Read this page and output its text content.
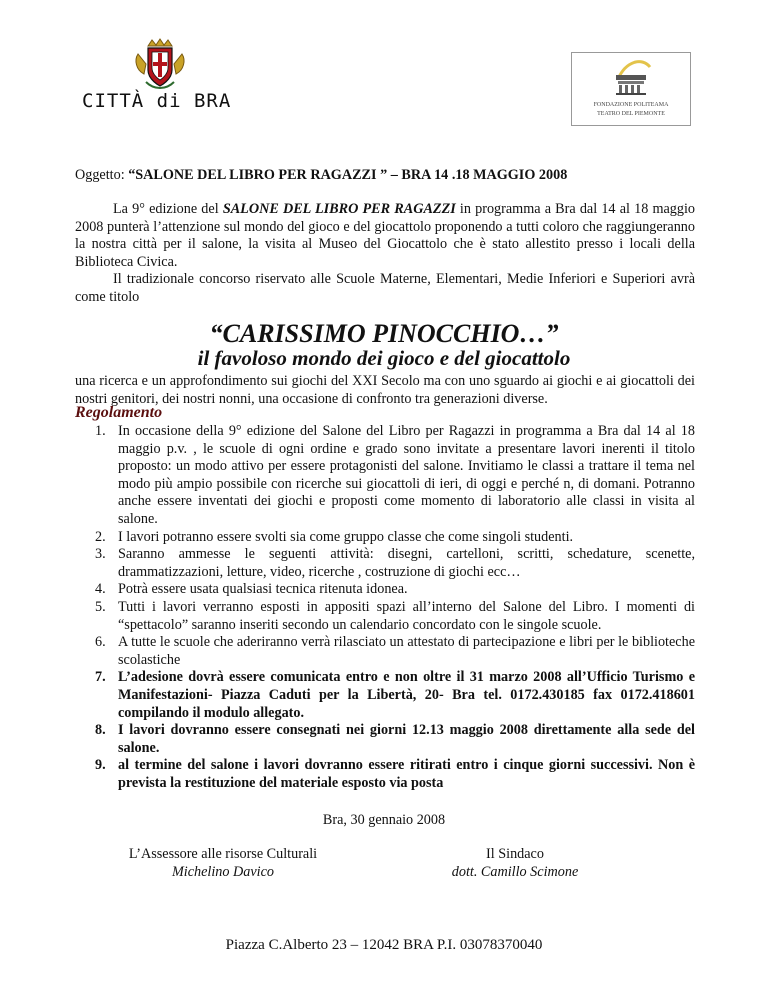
CITTÀ di BRA	FONDAZIONE POLITEAMA
TEATRO DEL PIEMONTE
Oggetto: “SALONE DEL LIBRO PER RAGAZZI ” – BRA 14 .18 MAGGIO 2008

La 9° edizione del SALONE DEL LIBRO PER RAGAZZI in programma a Bra dal 14 al 18 maggio 2008 punterà l’attenzione sul mondo del gioco e del giocattolo proponendo a tutti coloro che raggiungeranno la nostra città per il salone, la visita al Museo del Giocattolo che è stato allestito presso i locali della Biblioteca Civica.

Il tradizionale concorso riservato alle Scuole Materne, Elementari, Medie Inferiori e Superiori avrà come titolo

“CARISSIMO PINOCCHIO…”
il favoloso mondo dei gioco e del giocattolo
una ricerca e un approfondimento sui giochi del XXI Secolo ma con uno sguardo ai giochi e ai giocattoli dei nostri genitori, dei nostri nonni, una occasione di confronto tra generazioni diverse.
Regolamento
1. In occasione della 9° edizione del Salone del Libro per Ragazzi in programma a Bra dal 14 al 18 maggio p.v. , le scuole di ogni ordine e grado sono invitate a presentare lavori inerenti il titolo proposto: un modo attivo per essere protagonisti del salone. Invitiamo le classi a trattare il tema nel modo più ampio possibile con ricerche sui giocattoli di ieri, di oggi e perché n, di domani. Potranno anche essere inventati dei giochi e proposti come momento di laboratorio alle classi in visita al salone.
2. I lavori potranno essere svolti sia come gruppo classe che come singoli studenti.
3. Saranno ammesse le seguenti attività: disegni, cartelloni, scritti, schedature, scenette, drammatizzazioni, letture, video, ricerche , costruzione di giochi ecc…
4. Potrà essere usata qualsiasi tecnica ritenuta idonea.
5. Tutti i lavori verranno esposti in appositi spazi all’interno del Salone del Libro. I momenti di “spettacolo” saranno inseriti secondo un calendario concordato con le singole scuole.
6. A tutte le scuole che aderiranno verrà rilasciato un attestato di partecipazione e libri per le biblioteche scolastiche
7. L’adesione dovrà essere comunicata entro e non oltre il 31 marzo 2008 all’Ufficio Turismo e Manifestazioni- Piazza Caduti per la Libertà, 20- Bra tel. 0172.430185 fax 0172.418601 compilando il modulo allegato.
8. I lavori dovranno essere consegnati nei giorni 12.13 maggio 2008 direttamente alla sede del salone.
9. al termine del salone i lavori dovranno essere ritirati entro i cinque giorni successivi. Non è prevista la restituzione del materiale esposto via posta
Bra, 30 gennaio 2008
L’Assessore alle risorse Culturali
Michelino Davico
Il Sindaco
dott. Camillo Scimone
Piazza C.Alberto 23 – 12042 BRA P.I. 03078370040
